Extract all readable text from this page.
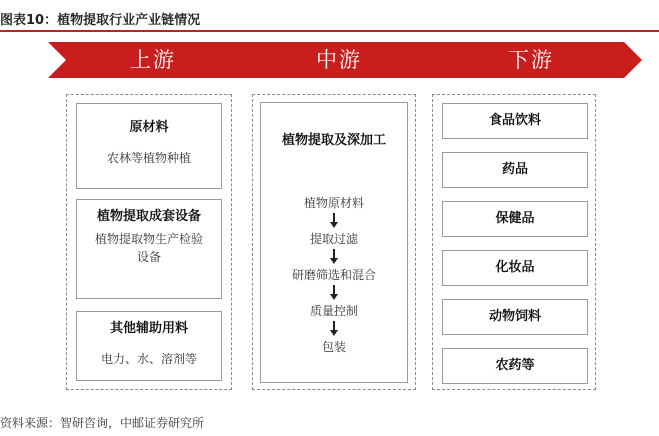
图表10：植物提取行业产业链情况
上游	中游	下游
原材料
农林等植物种植
植物提取成套设备
植物提取物生产检验设备
其他辅助用料
电力、水、溶剂等
植物提取及深加工
植物原材料
提取过滤
研磨筛选和混合
质量控制
包装
食品饮料
药品
保健品
化妆品
动物饲料
农药等
资料来源：智研咨询，中邮证券研究所
